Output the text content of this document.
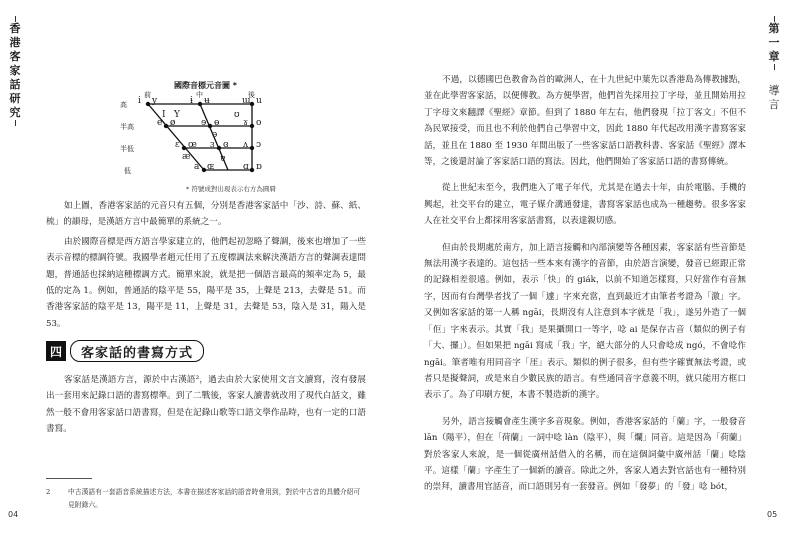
香港客家話研究
國際音標元音圖 *
前	中	後
高
半高
半低
低
i y	ɨ ʉ	ɯ u
I Y	ʊ
e ø	ɘ ɵ	ɤ o
ə
ɛ œ ɜ ɞ ʌ ɔ
æ	ɐ
a ɶ	ɑ ɒ
* 符號成對出現表示右方為圓脣

如上圖，香港客家話的元音只有五個，分別是香港客家話中「沙、詩、蘇、紙、梳」的韻母，是漢語方言中最簡單的系統之一。

由於國際音標是西方語言學家建立的，他們起初忽略了聲調，後來也增加了一些表示音標的標調符號。我國學者趙元任用了五度標調法來解決漢語方言的聲調表達問題，普通話也採納這種標調方式。簡單來說，就是把一個語言最高的頻率定為 5，最低的定為 1。例如，普通話的陰平是 55，陽平是 35，上聲是 213，去聲是 51。而香港客家話的陰平是 13，陽平是 11，上聲是 31，去聲是 53，陰入是 31，陽入是 53。

四	客家話的書寫方式

客家話是漢語方言，源於中古漢語²，過去由於大家使用文言文讀寫，沒有發展出一套用來記錄口語的書寫標準。到了二戰後，客家人讀書就改用了現代白話文，雖然一般不會用客家話口語書寫，但是在記錄山歌等口語文學作品時，也有一定的口語書寫。

2	中古漢語有一套語音系統描述方法，本書在描述客家話的語音時會用到，對於中古音的具體介紹可見附錄六。
04
第一章
導言

不過，以德國巴色教會為首的歐洲人，在十九世紀中葉先以香港島為傳教據點，並在此學習客家話，以便傳教。為方便學習，他們首先採用拉丁字母，並且開始用拉丁字母文來翻譯《聖經》章節。但到了 1880 年左右，他們發現「拉丁客文」不但不為民眾接受，而且也不利於他們自己學習中文，因此 1880 年代起改用漢字書寫客家話，並且在 1880 至 1930 年間出版了一些客家話口語教科書、客家話《聖經》譯本等，之後還討論了客家話口語的寫法。因此，他們開始了客家話口語的書寫傳統。

從上世紀末至今，我們進入了電子年代，尤其是在過去十年，由於電腦、手機的興起，社交平台的建立，電子媒介溝通發達，書寫客家話也成為一種趨勢。很多客家人在社交平台上都採用客家話書寫，以表達親切感。

但由於長期處於南方，加上語言接觸和內部演變等各種因素，客家話有些音節是無法用漢字表達的。這包括一些本來有漢字的音節，由於語言演變，發音已經跟正常的記錄相差很遠。例如，表示「快」的 giák，以前不知道怎樣寫，只好當作有音無字，因而有台灣學者找了一個「遽」字來充當，直到最近才由筆者考證為「激」字。又例如客家話的第一人稱 ngāi，長期沒有人注意到本字就是「我」，遂另外造了一個「佢」字來表示。其實「我」是果攝開口一等字，唸 ai 是保存古音（類似的例子有「大、攞」）。但如果把 ngāi 寫成「我」字，絕大部分的人只會唸成 ngó，不會唸作 ngāi。筆者唯有用同音字「厓」表示。類似的例子很多，但有些字確實無法考證，或者只是擬聲詞，或是來自少數民族的語言。有些通同音字意義不明，就只能用方框口表示了。為了印刷方便，本書不製造新的漢字。

另外，語言接觸會產生漢字多音現象。例如，香港客家話的「蘭」字，一般發音 lān（陽平），但在「荷蘭」一詞中唸 làn（陰平），與「爛」同音。這是因為「荷蘭」對於客家人來說，是一個從廣州話借入的名稱，而在這個詞彙中廣州話「蘭」唸陰平。這樣「蘭」字產生了一個新的讀音。除此之外，客家人過去對官話也有一種特別的崇拜，讀書用官話音，而口語則另有一套發音。例如「發夢」的「發」唸 bót，

05
